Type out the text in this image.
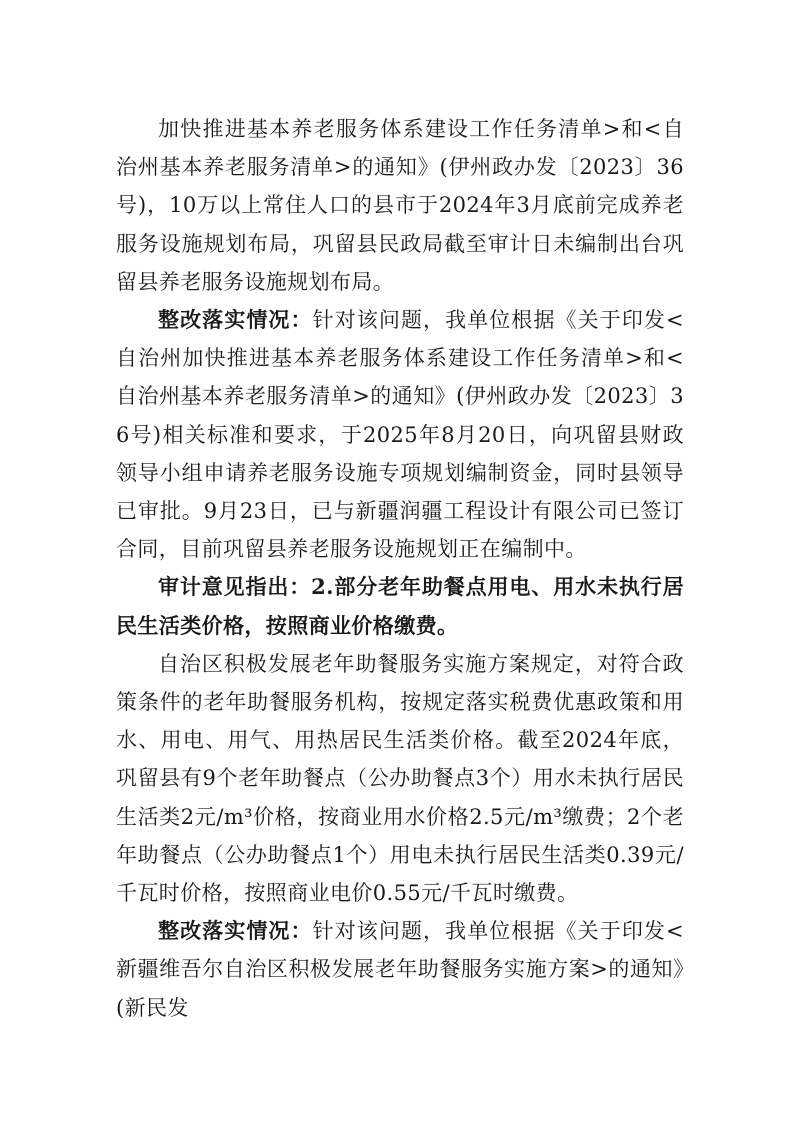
加快推进基本养老服务体系建设工作任务清单>和<自治州基本养老服务清单>的通知》(伊州政办发〔2023〕36号)，10万以上常住人口的县市于2024年3月底前完成养老服务设施规划布局，巩留县民政局截至审计日未编制出台巩留县养老服务设施规划布局。

整改落实情况：针对该问题，我单位根据《关于印发<自治州加快推进基本养老服务体系建设工作任务清单>和<自治州基本养老服务清单>的通知》(伊州政办发〔2023〕36号)相关标准和要求，于2025年8月20日，向巩留县财政领导小组申请养老服务设施专项规划编制资金，同时县领导已审批。9月23日，已与新疆润疆工程设计有限公司已签订合同，目前巩留县养老服务设施规划正在编制中。

审计意见指出：2.部分老年助餐点用电、用水未执行居民生活类价格，按照商业价格缴费。

自治区积极发展老年助餐服务实施方案规定，对符合政策条件的老年助餐服务机构，按规定落实税费优惠政策和用水、用电、用气、用热居民生活类价格。截至2024年底，巩留县有9个老年助餐点（公办助餐点3个）用水未执行居民生活类2元/m³价格，按商业用水价格2.5元/m³缴费；2个老年助餐点（公办助餐点1个）用电未执行居民生活类0.39元/千瓦时价格，按照商业电价0.55元/千瓦时缴费。

整改落实情况：针对该问题，我单位根据《关于印发<新疆维吾尔自治区积极发展老年助餐服务实施方案>的通知》(新民发
